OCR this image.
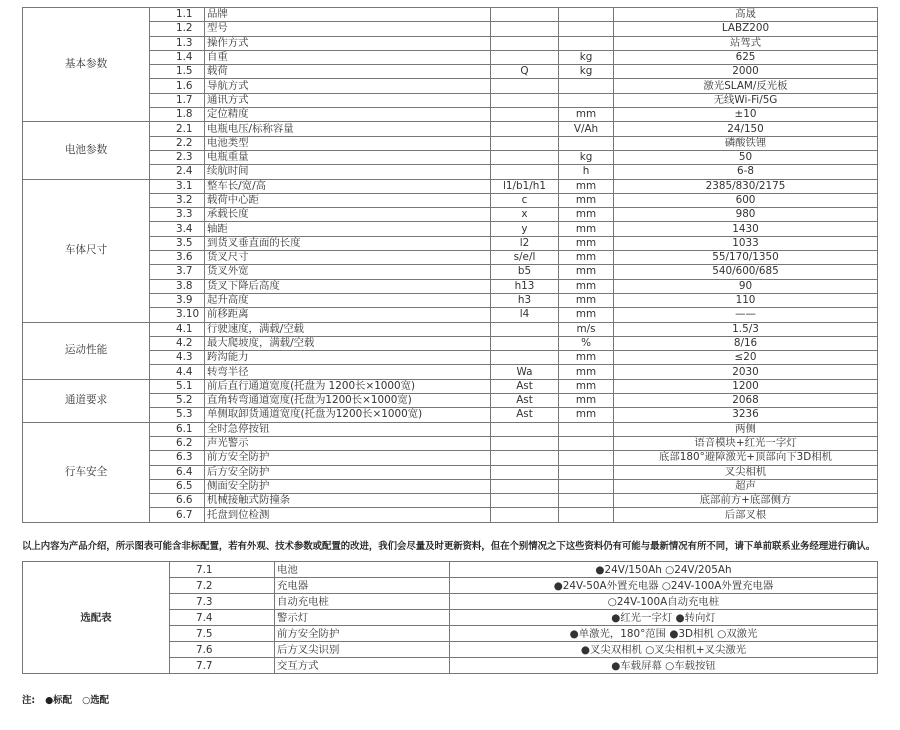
基本参数	1.1	品牌			高晟
	1.2	型号			LABZ200
	1.3	操作方式			站驾式
	1.4	自重		kg	625
	1.5	载荷	Q	kg	2000
	1.6	导航方式			激光SLAM/反光板
	1.7	通讯方式			无线Wi-Fi/5G
	1.8	定位精度		mm	±10
电池参数	2.1	电瓶电压/标称容量		V/Ah	24/150
	2.2	电池类型			磷酸铁锂
	2.3	电瓶重量		kg	50
	2.4	续航时间		h	6-8
车体尺寸	3.1	整车长/宽/高	l1/b1/h1	mm	2385/830/2175
	3.2	载荷中心距	c	mm	600
	3.3	承载长度	x	mm	980
	3.4	轴距	y	mm	1430
	3.5	到货叉垂直面的长度	l2	mm	1033
	3.6	货叉尺寸	s/e/l	mm	55/170/1350
	3.7	货叉外宽	b5	mm	540/600/685
	3.8	货叉下降后高度	h13	mm	90
	3.9	起升高度	h3	mm	110
	3.10	前移距离	l4	mm	——
运动性能	4.1	行驶速度，满载/空载		m/s	1.5/3
	4.2	最大爬坡度，满载/空载		%	8/16
	4.3	跨沟能力		mm	≤20
	4.4	转弯半径	Wa	mm	2030
通道要求	5.1	前后直行通道宽度(托盘为 1200长×1000宽)	Ast	mm	1200
	5.2	直角转弯通道宽度(托盘为1200长×1000宽)	Ast	mm	2068
	5.3	单侧取卸货通道宽度(托盘为1200长×1000宽)	Ast	mm	3236
行车安全	6.1	全时急停按钮			两侧
	6.2	声光警示			语音模块+红光一字灯
	6.3	前方安全防护			底部180°避障激光+顶部向下3D相机
	6.4	后方安全防护			叉尖相机
	6.5	侧面安全防护			超声
	6.6	机械接触式防撞条			底部前方+底部侧方
	6.7	托盘到位检测			后部叉根
以上内容为产品介绍，所示图表可能含非标配置，若有外观、技术参数或配置的改进，我们会尽量及时更新资料，但在个别情况之下这些资料仍有可能与最新情况有所不同，请下单前联系业务经理进行确认。
选配表	7.1	电池	●24V/150Ah ○24V/205Ah
	7.2	充电器	●24V-50A外置充电器 ○24V-100A外置充电器
	7.3	自动充电桩	○24V-100A自动充电桩
	7.4	警示灯	●红光一字灯 ●转向灯
	7.5	前方安全防护	●单激光，180°范围 ●3D相机 ○双激光
	7.6	后方叉尖识别	●叉尖双相机 ○叉尖相机+叉尖激光
	7.7	交互方式	●车载屏幕 ○车载按钮
注: ●标配 ○选配
